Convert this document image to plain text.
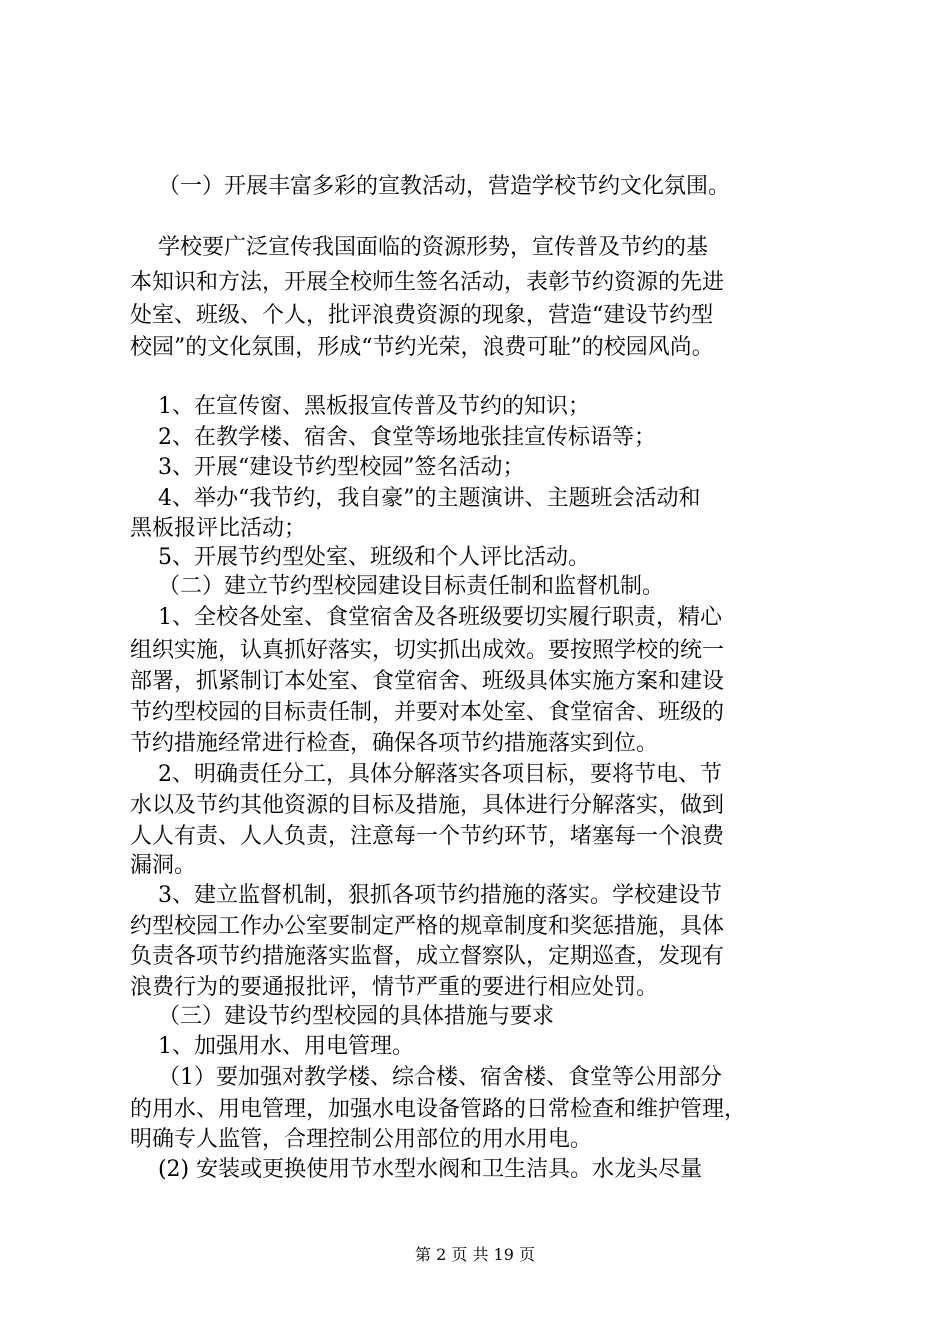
（一）开展丰富多彩的宣教活动，营造学校节约文化氛围。
学校要广泛宣传我国面临的资源形势，宣传普及节约的基
本知识和方法，开展全校师生签名活动，表彰节约资源的先进
处室、班级、个人，批评浪费资源的现象，营造“建设节约型
校园”的文化氛围，形成“节约光荣，浪费可耻”的校园风尚。
1、在宣传窗、黑板报宣传普及节约的知识；
2、在教学楼、宿舍、食堂等场地张挂宣传标语等；
3、开展“建设节约型校园”签名活动；
4、举办“我节约，我自豪”的主题演讲、主题班会活动和
黑板报评比活动；
5、开展节约型处室、班级和个人评比活动。
（二）建立节约型校园建设目标责任制和监督机制。
1、全校各处室、食堂宿舍及各班级要切实履行职责，精心
组织实施，认真抓好落实，切实抓出成效。要按照学校的统一
部署，抓紧制订本处室、食堂宿舍、班级具体实施方案和建设
节约型校园的目标责任制，并要对本处室、食堂宿舍、班级的
节约措施经常进行检查，确保各项节约措施落实到位。
2、明确责任分工，具体分解落实各项目标，要将节电、节
水以及节约其他资源的目标及措施，具体进行分解落实，做到
人人有责、人人负责，注意每一个节约环节，堵塞每一个浪费
漏洞。
3、建立监督机制，狠抓各项节约措施的落实。学校建设节
约型校园工作办公室要制定严格的规章制度和奖惩措施，具体
负责各项节约措施落实监督，成立督察队，定期巡查，发现有
浪费行为的要通报批评，情节严重的要进行相应处罚。
（三）建设节约型校园的具体措施与要求
1、加强用水、用电管理。
（1）要加强对教学楼、综合楼、宿舍楼、食堂等公用部分
的用水、用电管理，加强水电设备管路的日常检查和维护管理，
明确专人监管，合理控制公用部位的用水用电。
(2) 安装或更换使用节水型水阀和卫生洁具。水龙头尽量
第 2 页 共 19 页
